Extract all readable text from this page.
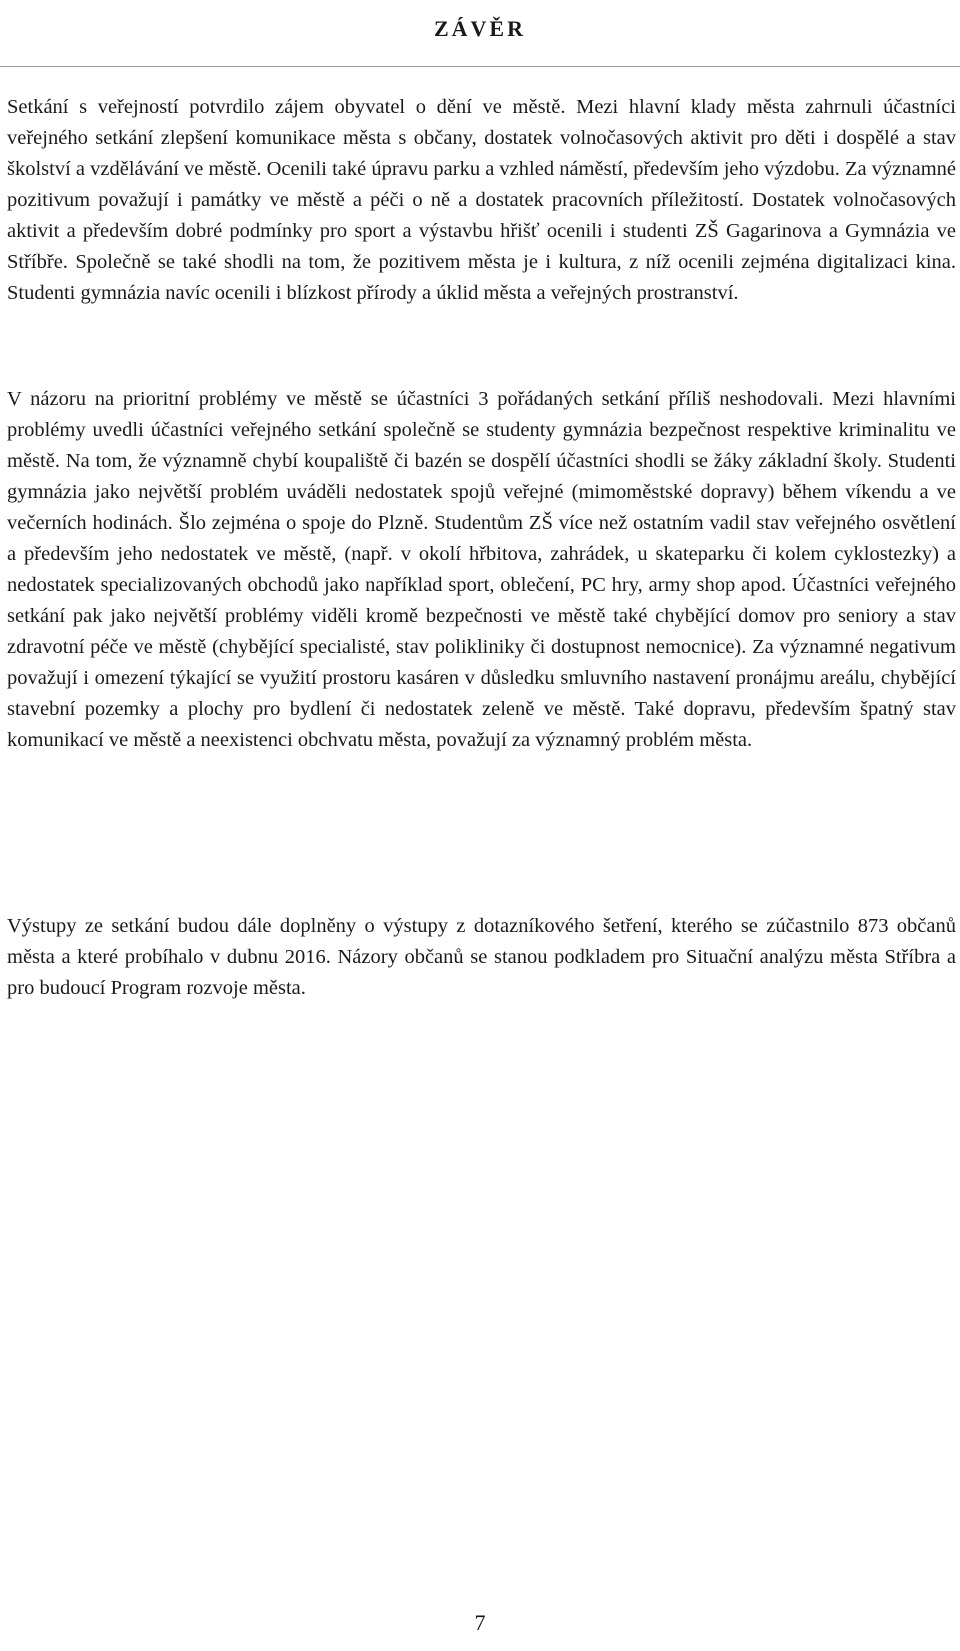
ZÁVĚR

Setkání s veřejností potvrdilo zájem obyvatel o dění ve městě. Mezi hlavní klady města zahrnuli účastníci veřejného setkání zlepšení komunikace města s občany, dostatek volnočasových aktivit pro děti i dospělé a stav školství a vzdělávání ve městě. Ocenili také úpravu parku a vzhled náměstí, především jeho výzdobu. Za významné pozitivum považují i památky ve městě a péči o ně a dostatek pracovních příležitostí. Dostatek volnočasových aktivit a především dobré podmínky pro sport a výstavbu hřišť ocenili i studenti ZŠ Gagarinova a Gymnázia ve Stříbře. Společně se také shodli na tom, že pozitivem města je i kultura, z níž ocenili zejména digitalizaci kina. Studenti gymnázia navíc ocenili i blízkost přírody a úklid města a veřejných prostranství.

V názoru na prioritní problémy ve městě se účastníci 3 pořádaných setkání příliš neshodovali. Mezi hlavními problémy uvedli účastníci veřejného setkání společně se studenty gymnázia bezpečnost respektive kriminalitu ve městě. Na tom, že významně chybí koupaliště či bazén se dospělí účastníci shodli se žáky základní školy. Studenti gymnázia jako největší problém uváděli nedostatek spojů veřejné (mimoměstské dopravy) během víkendu a ve večerních hodinách. Šlo zejména o spoje do Plzně. Studentům ZŠ více než ostatním vadil stav veřejného osvětlení a především jeho nedostatek ve městě, (např. v okolí hřbitova, zahrádek, u skateparku či kolem cyklostezky) a nedostatek specializovaných obchodů jako například sport, oblečení, PC hry, army shop apod. Účastníci veřejného setkání pak jako největší problémy viděli kromě bezpečnosti ve městě také chybějící domov pro seniory a stav zdravotní péče ve městě (chybějící specialisté, stav polikliniky či dostupnost nemocnice). Za významné negativum považují i omezení týkající se využití prostoru kasáren v důsledku smluvního nastavení pronájmu areálu, chybějící stavební pozemky a plochy pro bydlení či nedostatek zeleně ve městě. Také dopravu, především špatný stav komunikací ve městě a neexistenci obchvatu města, považují za významný problém města.

Výstupy ze setkání budou dále doplněny o výstupy z dotazníkového šetření, kterého se zúčastnilo 873 občanů města a které probíhalo v dubnu 2016. Názory občanů se stanou podkladem pro Situační analýzu města Stříbra a pro budoucí Program rozvoje města.

7
